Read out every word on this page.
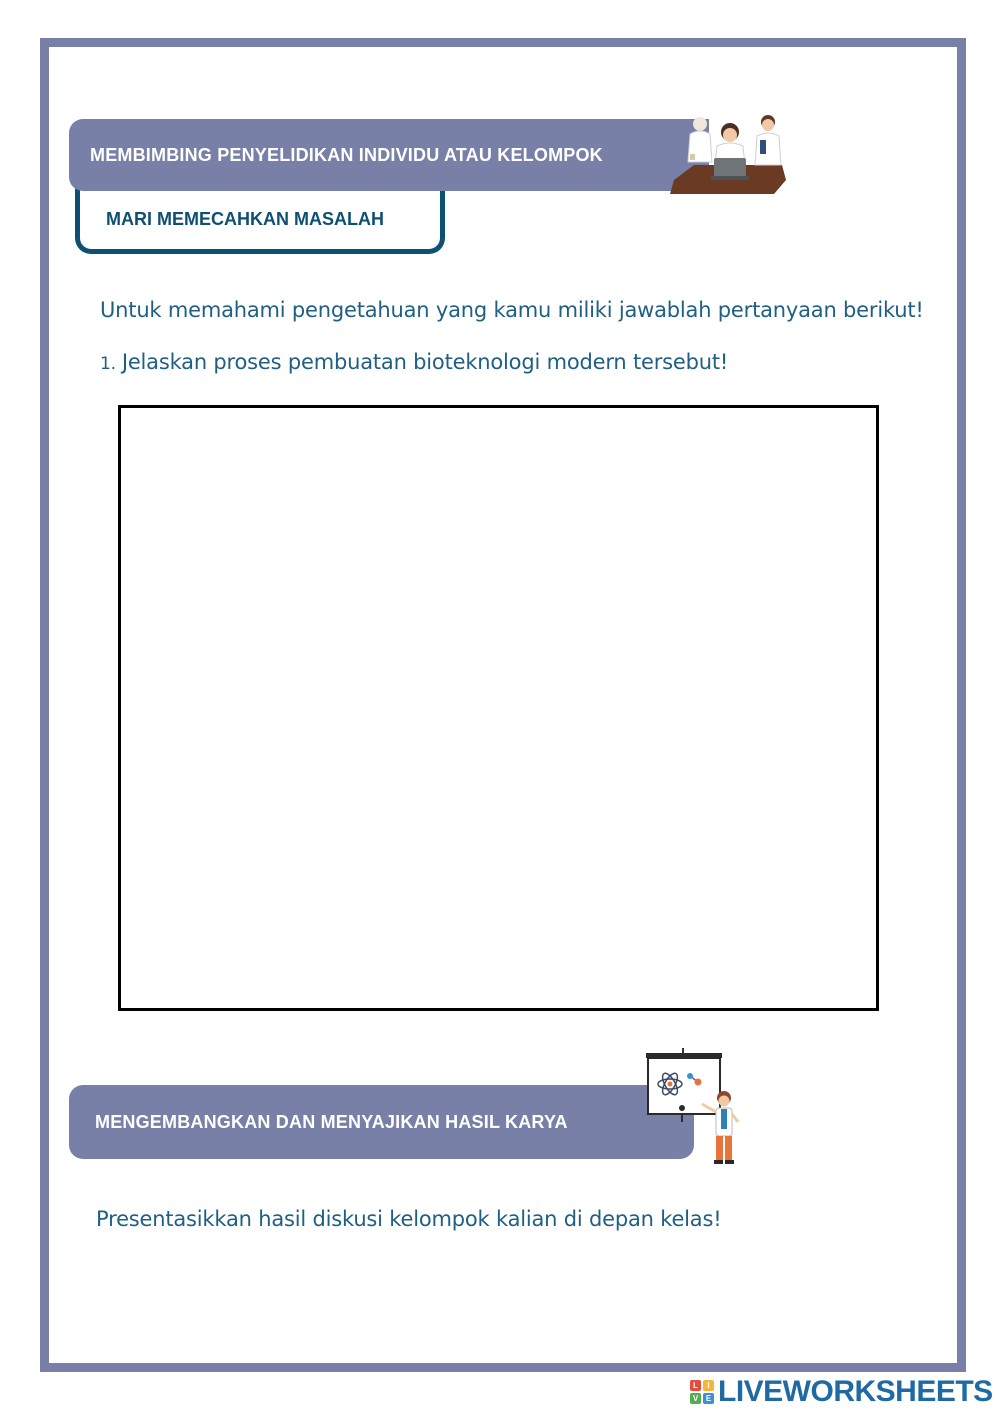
MARI MEMECAHKAN MASALAH
MEMBIMBING PENYELIDIKAN INDIVIDU ATAU KELOMPOK
Untuk memahami pengetahuan yang kamu miliki jawablah pertanyaan berikut!
1. Jelaskan proses pembuatan bioteknologi modern tersebut!
MENGEMBANGKAN DAN MENYAJIKAN HASIL KARYA
Presentasikkan hasil diskusi kelompok kalian di depan kelas!
L	I
V E LIVEWORKSHEETS
